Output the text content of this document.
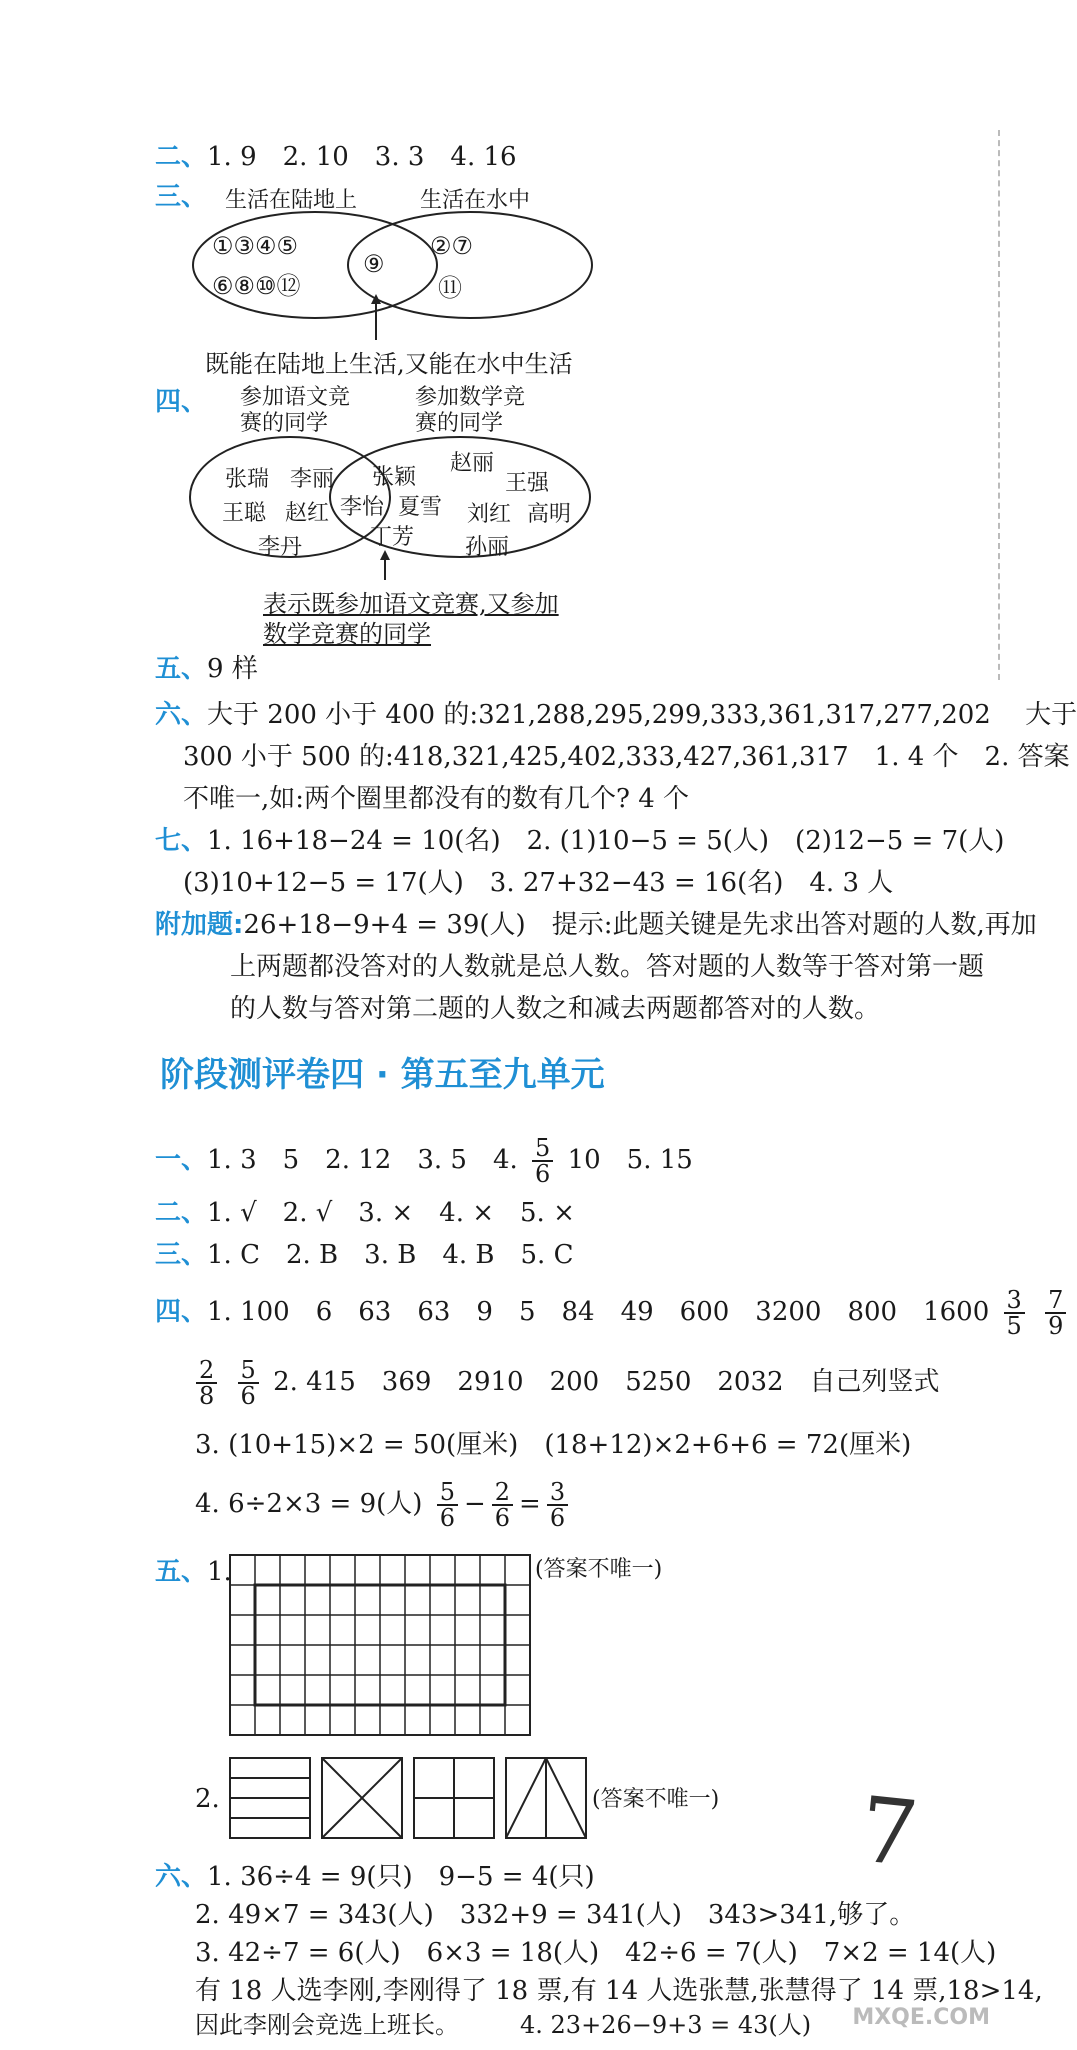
二、1. 9　2. 10　3. 3　4. 16
三、 生活在陆地上	生活在水中
①③④⑤
⑥⑧⑩⑫
⑨
②⑦
⑪
既能在陆地上生活,又能在水中生活
四、 参加语文竞
赛的同学
参加数学竞
赛的同学
张瑞 李丽
王聪 赵红
李丹
张颖
李怡 夏雪
丁芳
赵丽
王强
刘红 高明
孙丽
表示既参加语文竞赛,又参加
数学竞赛的同学
五、9 样
六、大于 200 小于 400 的:321,288,295,299,333,361,317,277,202　 大于
300 小于 500 的:418,321,425,402,333,427,361,317　1. 4 个　2. 答案
不唯一,如:两个圈里都没有的数有几个? 4 个
七、1. 16+18−24 = 10(名)　2. (1)10−5 = 5(人)　(2)12−5 = 7(人)
(3)10+12−5 = 17(人)　3. 27+32−43 = 16(名)　4. 3 人
附加题:26+18−9+4 = 39(人)　提示:此题关键是先求出答对题的人数,再加
上两题都没答对的人数就是总人数。答对题的人数等于答对第一题
的人数与答对第二题的人数之和减去两题都答对的人数。
阶段测评卷四 · 第五至九单元
一、1. 3　5　2. 12　3. 5　4. $\frac{5}{6} 10$　5. 15
二、1. √　2. √　3. ×　4. ×　5. ×
三、1. C　2. B　3. B　4. B　5. C
四、1. 100　6　63　63　9　5　84　49　600　3200　800　$1600 \frac{3}{5}$
$\frac{7}{9}$
$\frac{2}{8}$
$\frac{5}{6} 2$. 415　369　2910　200　5250　2032　自己列竖式
3. (10+15)×2 = 50(厘米)　(18+12)×2+6+6 = 72(厘米)
4. 6÷2×3 = 9(人) $\frac{5}{6} - \frac{2}{6} = \frac{3}{6}$
五、1.	(答案不唯一)
2.	(答案不唯一)
六、1. 36÷4 = 9(只)　9−5 = 4(只)
2. 49×7 = 343(人)　332+9 = 341(人)　343>341,够了。
3. 42÷7 = 6(人)　6×3 = 18(人)　42÷6 = 7(人)　7×2 = 14(人)
有 18 人选李刚,李刚得了 18 票,有 14 人选张慧,张慧得了 14 票,18>14,
因此李刚会竞选上班长。	4. 23+26−9+3 = 43(人)
7
MXQE.COM
